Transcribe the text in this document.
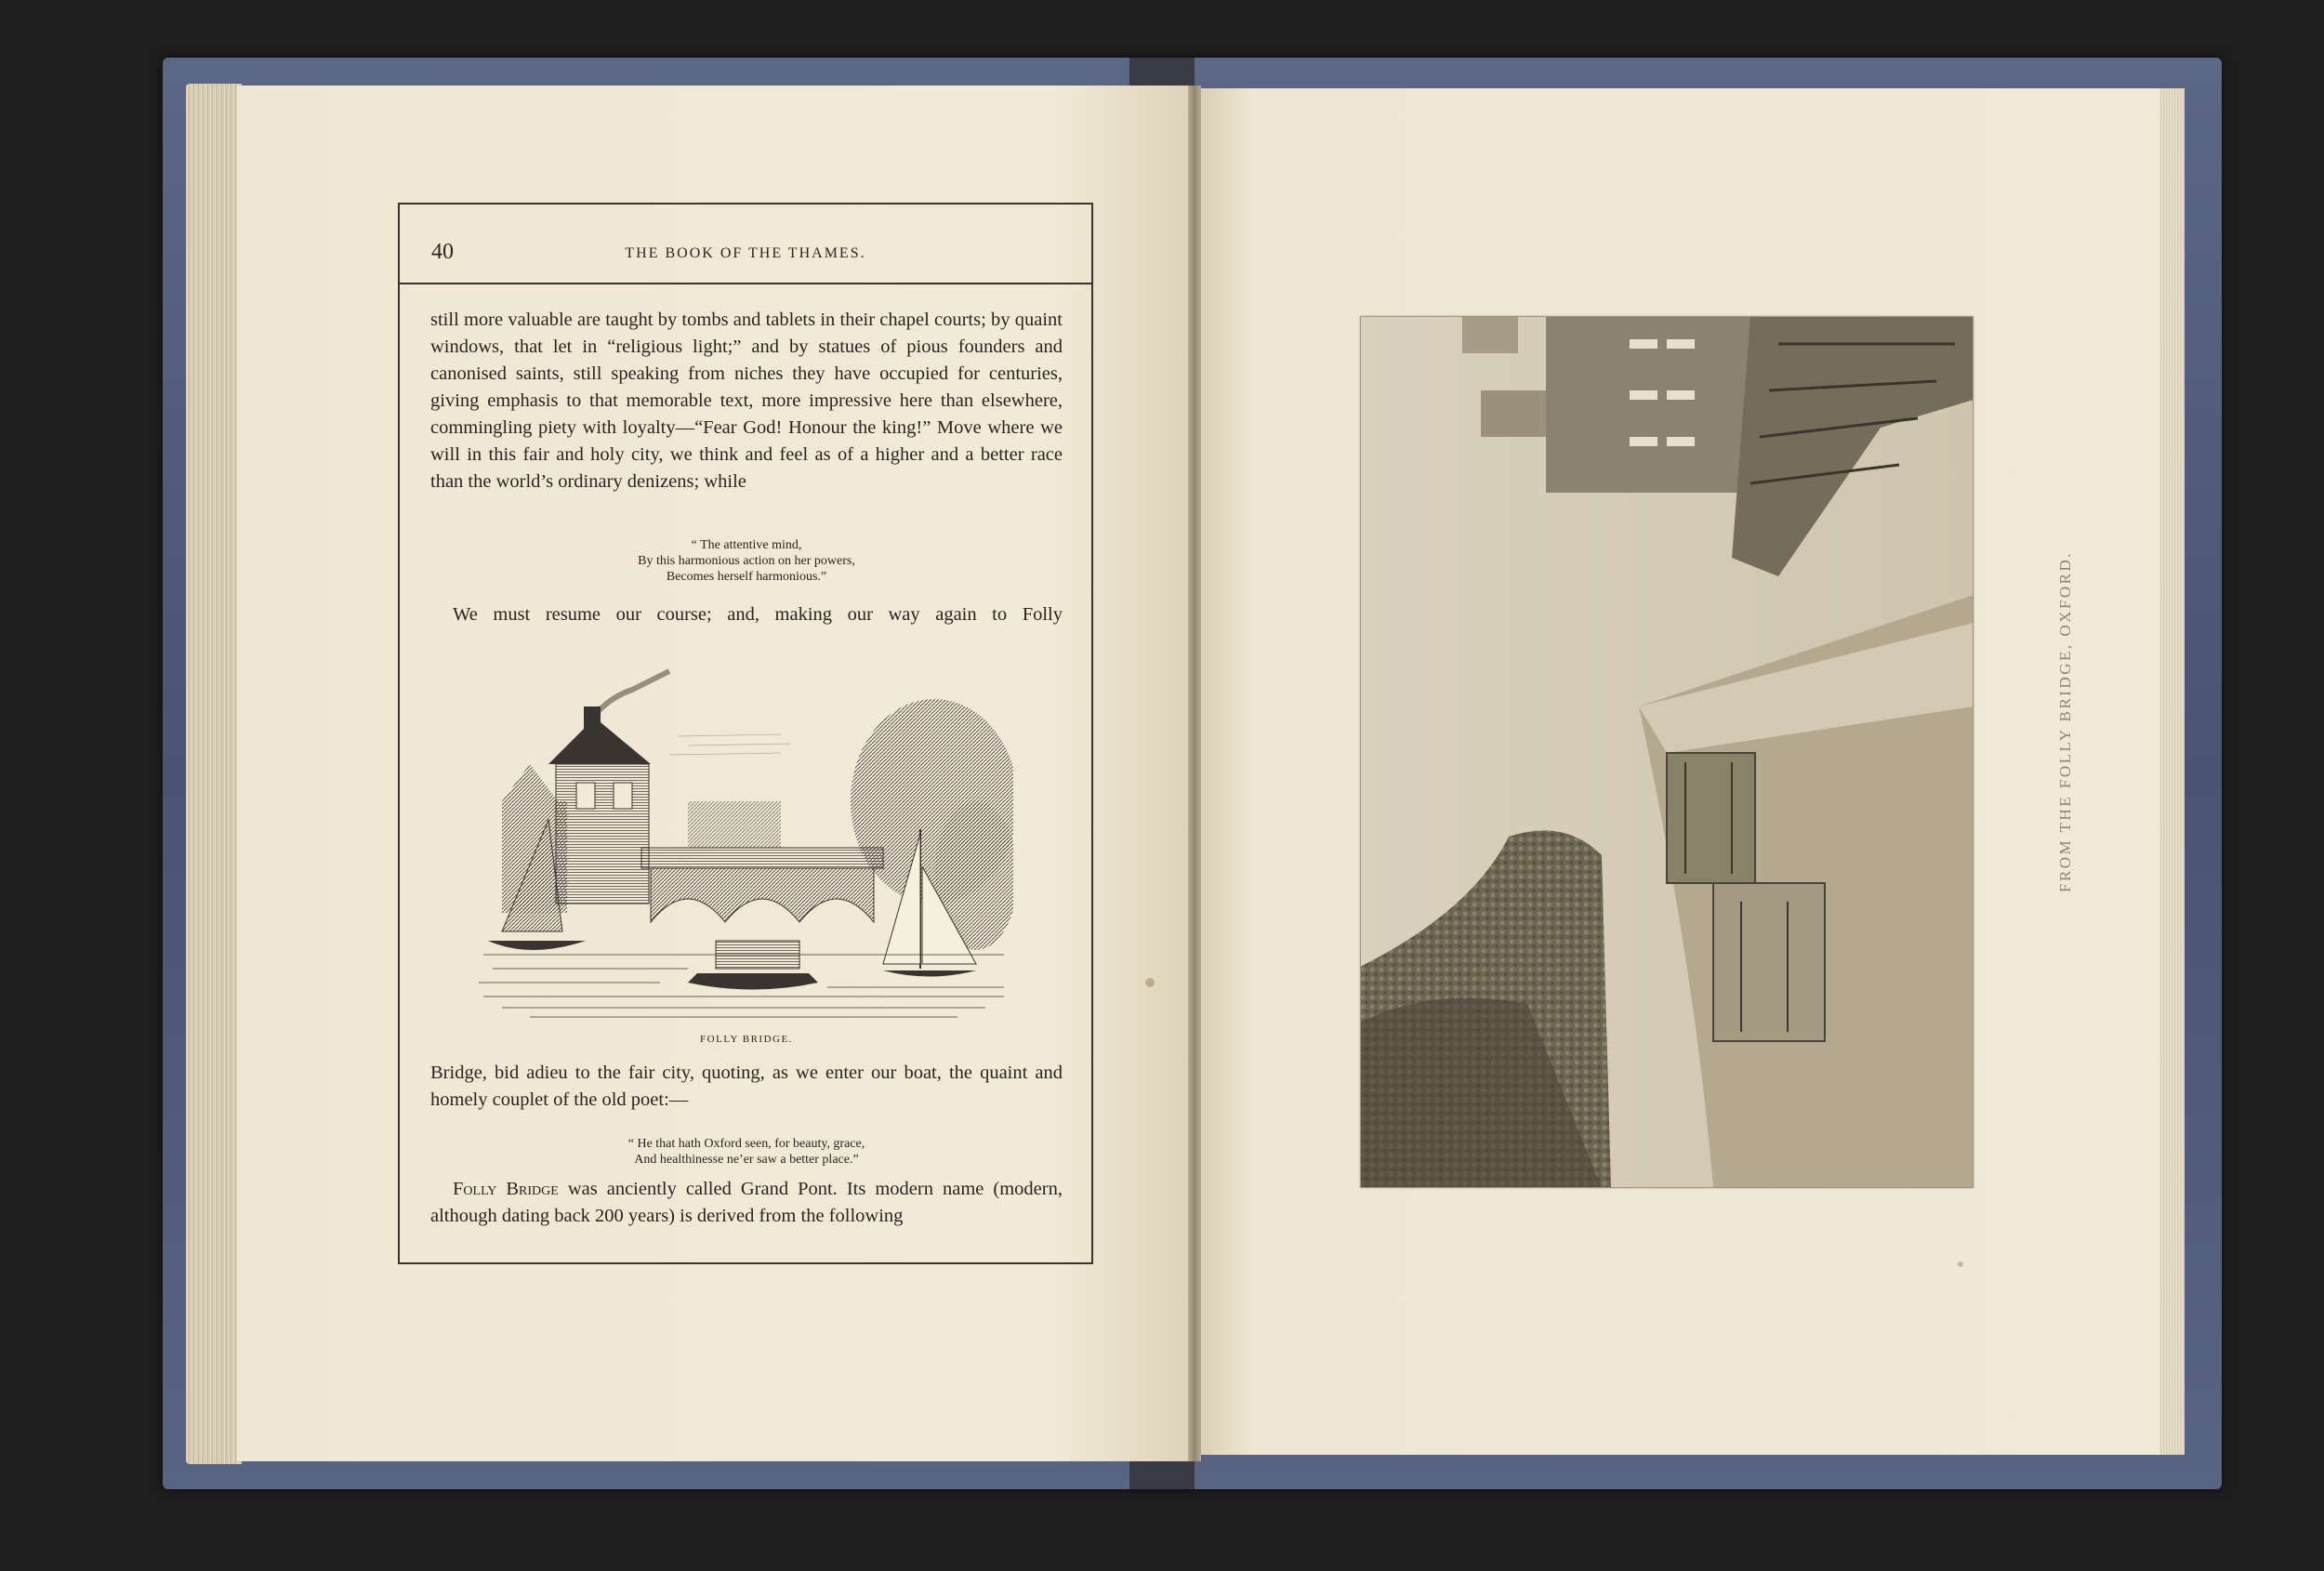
40	THE BOOK OF THE THAMES.

still more valuable are taught by tombs and tablets in their chapel courts; by quaint windows, that let in “religious light;” and by statues of pious founders and canonised saints, still speaking from niches they have occupied for centuries, giving emphasis to that memorable text, more impressive here than elsewhere, commingling piety with loyalty—“Fear God! Honour the king!” Move where we will in this fair and holy city, we think and feel as of a higher and a better race than the world’s ordinary denizens; while

“ The attentive mind,
By this harmonious action on her powers,
Becomes herself harmonious.”

We must resume our course; and, making our way again to Folly

FOLLY BRIDGE.

Bridge, bid adieu to the fair city, quoting, as we enter our boat, the quaint and homely couplet of the old poet:—

“ He that hath Oxford seen, for beauty, grace,
And healthinesse ne’er saw a better place.”

Folly Bridge was anciently called Grand Pont. Its modern name (modern, although dating back 200 years) is derived from the following

FROM THE FOLLY BRIDGE, OXFORD.
